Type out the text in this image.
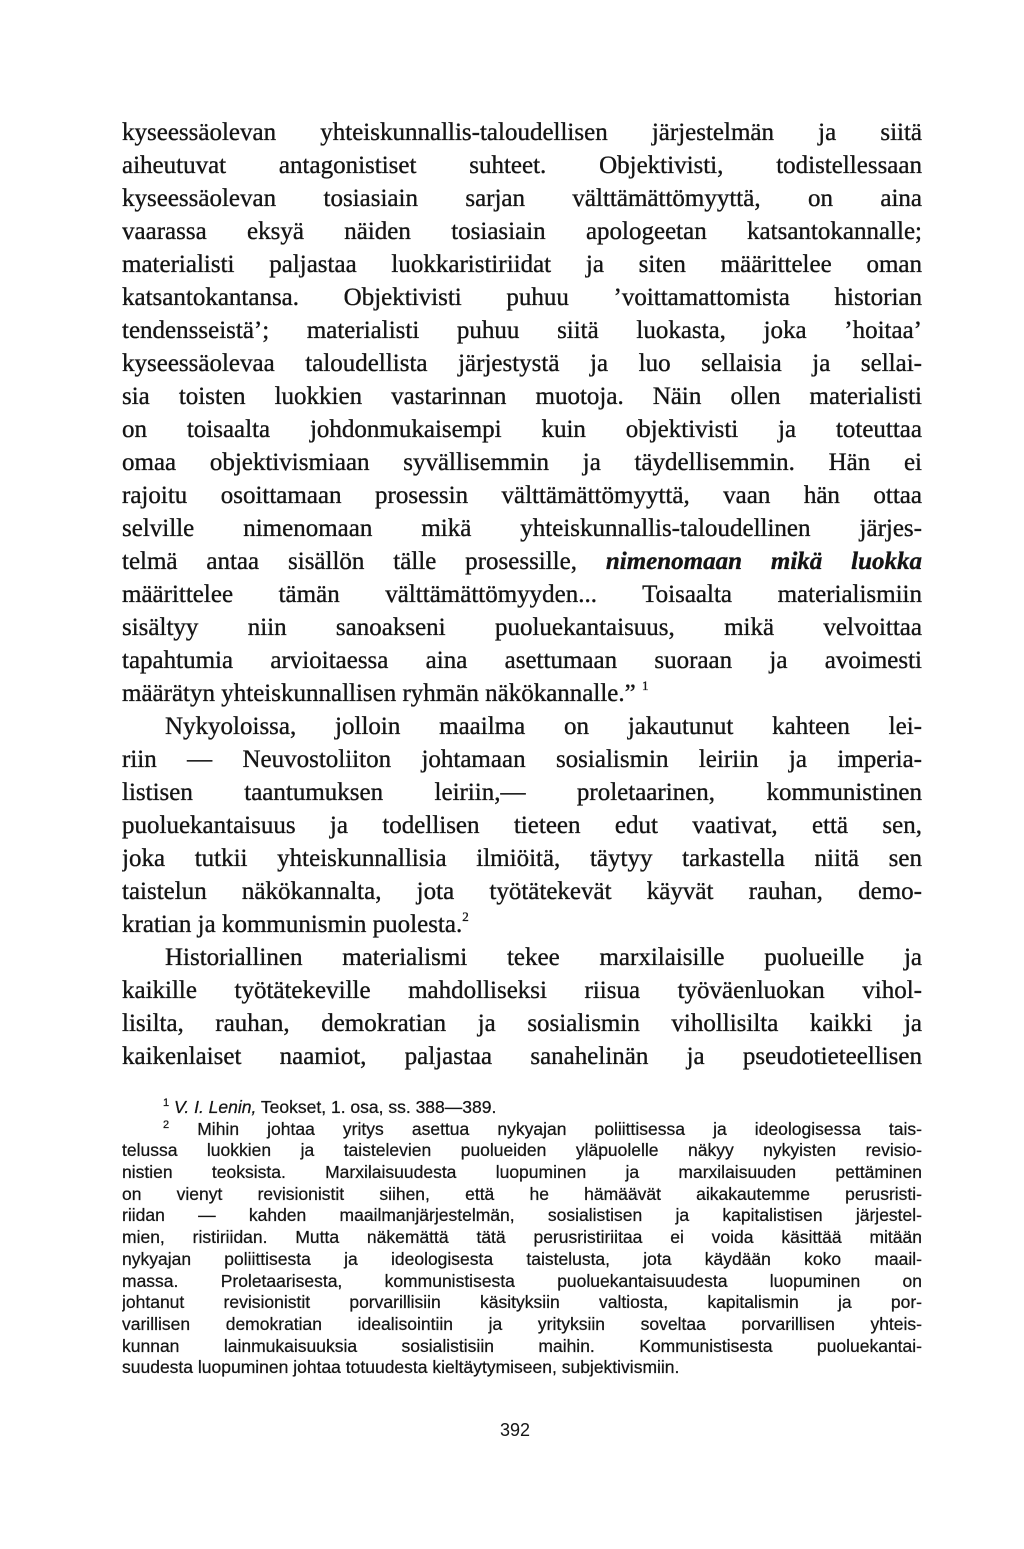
kyseessäolevan yhteiskunnallis-taloudellisen järjestelmän ja siitä
aiheutuvat antagonistiset suhteet. Objektivisti, todistellessaan
kyseessäolevan tosiasiain sarjan välttämättömyyttä, on aina
vaarassa eksyä näiden tosiasiain apologeetan katsantokannalle;
materialisti paljastaa luokkaristiriidat ja siten määrittelee oman
katsantokantansa. Objektivisti puhuu ’voittamattomista historian
tendensseistä’; materialisti puhuu siitä luokasta, joka ’hoitaa’
kyseessäolevaa taloudellista järjestystä ja luo sellaisia ja sellai-
sia toisten luokkien vastarinnan muotoja. Näin ollen materialisti
on toisaalta johdonmukaisempi kuin objektivisti ja toteuttaa
omaa objektivismiaan syvällisemmin ja täydellisemmin. Hän ei
rajoitu osoittamaan prosessin välttämättömyyttä, vaan hän ottaa
selville nimenomaan mikä yhteiskunnallis-taloudellinen järjes-
telmä antaa sisällön tälle prosessille, nimenomaan mikä luokka
määrittelee tämän välttämättömyyden... Toisaalta materialismiin
sisältyy niin sanoakseni puoluekantaisuus, mikä velvoittaa
tapahtumia arvioitaessa aina asettumaan suoraan ja avoimesti
määrätyn yhteiskunnallisen ryhmän näkökannalle.” $^1$
Nykyoloissa, jolloin maailma on jakautunut kahteen lei-
riin — Neuvostoliiton johtamaan sosialismin leiriin ja imperia-
listisen taantumuksen leiriin,— proletaarinen, kommunistinen
puoluekantaisuus ja todellisen tieteen edut vaativat, että sen,
joka tutkii yhteiskunnallisia ilmiöitä, täytyy tarkastella niitä sen
taistelun näkökannalta, jota työtätekevät käyvät rauhan, demo-
kratian ja kommunismin puolesta.$^2$
Historiallinen materialismi tekee marxilaisille puolueille ja
kaikille työtätekeville mahdolliseksi riisua työväenluokan vihol-
lisilta, rauhan, demokratian ja sosialismin vihollisilta kaikki ja
kaikenlaiset naamiot, paljastaa sanahelinän ja pseudotieteellisen
$^1$ V. I. Lenin, Teokset, 1. osa, ss. 388—389.
$^2$ Mihin johtaa yritys asettua nykyajan poliittisessa ja ideologisessa tais-
telussa luokkien ja taistelevien puolueiden yläpuolelle näkyy nykyisten revisio-
nistien teoksista. Marxilaisuudesta luopuminen ja marxilaisuuden pettäminen
on vienyt revisionistit siihen, että he hämäävät aikakautemme perusristi-
riidan — kahden maailmanjärjestelmän, sosialistisen ja kapitalistisen järjestel-
mien, ristiriidan. Mutta näkemättä tätä perusristiriitaa ei voida käsittää mitään
nykyajan poliittisesta ja ideologisesta taistelusta, jota käydään koko maail-
massa. Proletaarisesta, kommunistisesta puoluekantaisuudesta luopuminen on
johtanut revisionistit porvarillisiin käsityksiin valtiosta, kapitalismin ja por-
varillisen demokratian idealisointiin ja yrityksiin soveltaa porvarillisen yhteis-
kunnan lainmukaisuuksia sosialistisiin maihin. Kommunistisesta puoluekantai-
suudesta luopuminen johtaa totuudesta kieltäytymiseen, subjektivismiin.
392
